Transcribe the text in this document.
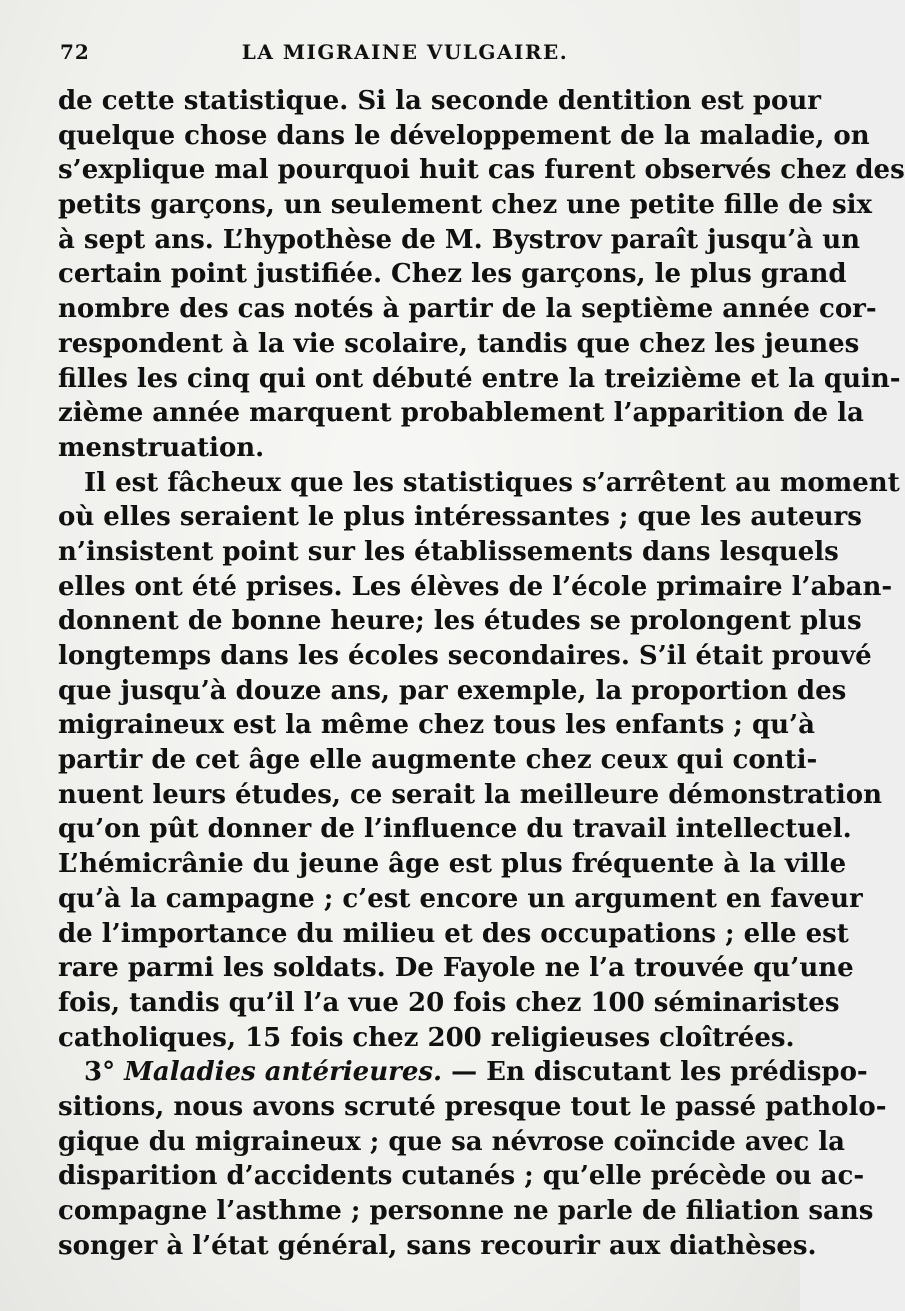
72	LA MIGRAINE VULGAIRE.
de cette statistique. Si la seconde dentition est pour
quelque chose dans le développement de la maladie, on
s’explique mal pourquoi huit cas furent observés chez des
petits garçons, un seulement chez une petite fille de six
à sept ans. L’hypothèse de M. Bystrov paraît jusqu’à un
certain point justifiée. Chez les garçons, le plus grand
nombre des cas notés à partir de la septième année cor-
respondent à la vie scolaire, tandis que chez les jeunes
filles les cinq qui ont débuté entre la treizième et la quin-
zième année marquent probablement l’apparition de la
menstruation.
Il est fâcheux que les statistiques s’arrêtent au moment
où elles seraient le plus intéressantes ; que les auteurs
n’insistent point sur les établissements dans lesquels
elles ont été prises. Les élèves de l’école primaire l’aban-
donnent de bonne heure; les études se prolongent plus
longtemps dans les écoles secondaires. S’il était prouvé
que jusqu’à douze ans, par exemple, la proportion des
migraineux est la même chez tous les enfants ; qu’à
partir de cet âge elle augmente chez ceux qui conti-
nuent leurs études, ce serait la meilleure démonstration
qu’on pût donner de l’influence du travail intellectuel.
L’hémicrânie du jeune âge est plus fréquente à la ville
qu’à la campagne ; c’est encore un argument en faveur
de l’importance du milieu et des occupations ; elle est
rare parmi les soldats. De Fayole ne l’a trouvée qu’une
fois, tandis qu’il l’a vue 20 fois chez 100 séminaristes
catholiques, 15 fois chez 200 religieuses cloîtrées.
3° Maladies antérieures. — En discutant les prédispo-
sitions, nous avons scruté presque tout le passé patholo-
gique du migraineux ; que sa névrose coïncide avec la
disparition d’accidents cutanés ; qu’elle précède ou ac-
compagne l’asthme ; personne ne parle de filiation sans
songer à l’état général, sans recourir aux diathèses.
